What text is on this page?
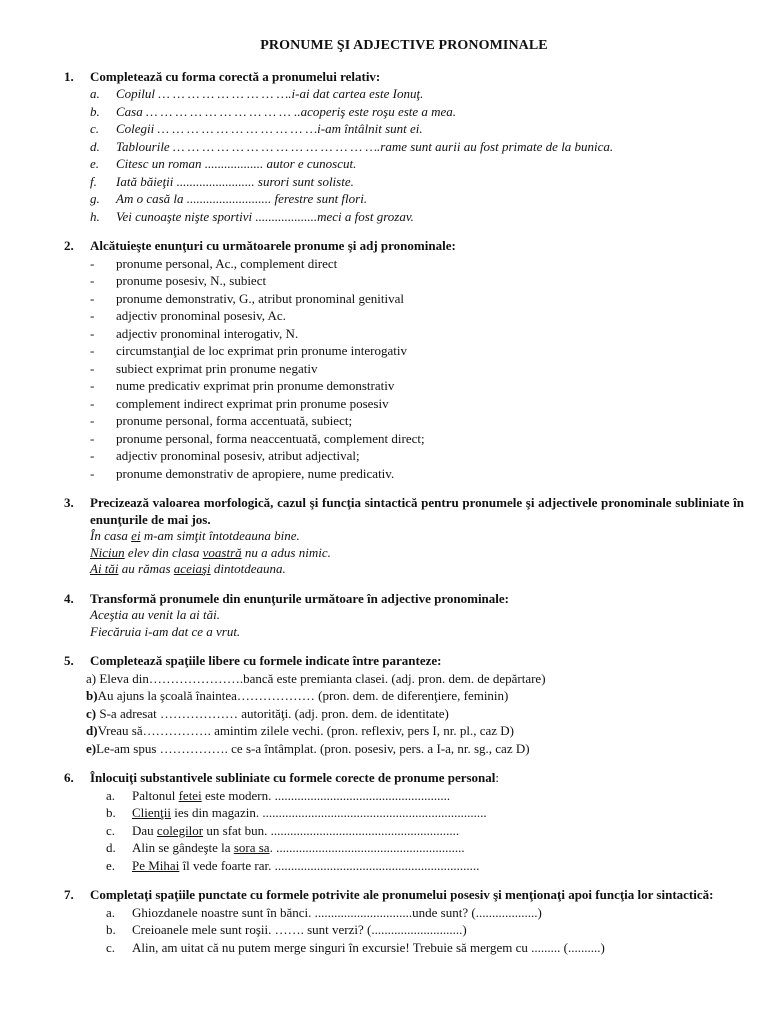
PRONUME ŞI ADJECTIVE PRONOMINALE
1.	Completează cu forma corectă a pronumelui relativ:
a.	Copilul … … … … … … … … ….i-ai dat cartea este Ionuţ.
b.	Casa … … … … … … … … … … ..acoperiş este roşu este a mea.
c.	Colegii … … … … … … … … … … …i-am întâlnit sunt ei.
d.	Tablourile … … … … … … … … … … … … … ….rame sunt aurii au fost primate de la bunica.
e.	Citesc un roman .................. autor e cunoscut.
f.	Iată băieţii ........................ surori sunt soliste.
g.	Am o casă la .......................... ferestre sunt flori.
h.	Vei cunoaşte nişte sportivi ...................meci a fost grozav.
2.	Alcătuieşte enunţuri cu următoarele pronume şi adj pronominale:
-	pronume personal, Ac., complement direct
-	pronume posesiv, N., subiect
-	pronume demonstrativ, G., atribut pronominal genitival
-	adjectiv pronominal posesiv, Ac.
-	adjectiv pronominal interogativ, N.
-	circumstanţial de loc exprimat prin pronume interogativ
-	subiect exprimat prin pronume negativ
-	nume predicativ exprimat prin pronume demonstrativ
-	complement indirect exprimat prin pronume posesiv
-	pronume personal, forma accentuată, subiect;
-	pronume personal, forma neaccentuată, complement direct;
-	adjectiv pronominal posesiv, atribut adjectival;
-	pronume demonstrativ de apropiere, nume predicativ.
3.	Precizează valoarea morfologică, cazul şi funcţia sintactică pentru pronumele şi adjectivele pronominale subliniate în enunţurile de mai jos.
În casa ei m-am simţit întotdeauna bine.
Niciun elev din clasa voastră nu a adus nimic.
Ai tăi au rămas aceiaşi dintotdeauna.
4.	Transformă pronumele din enunţurile următoare în adjective pronominale:
Aceştia au venit la ai tăi.
Fiecăruia i-am dat ce a vrut.
5.	Completează spaţiile libere cu formele indicate între paranteze:
a) Eleva din………………….bancă este premianta clasei. (adj. pron. dem. de depărtare)
b)Au ajuns la şcoală înaintea……………… (pron. dem. de diferenţiere, feminin)
c) S-a adresat ……………… autorităţi. (adj. pron. dem. de identitate)
d)Vreau să……………. amintim zilele vechi. (pron. reflexiv, pers I, nr. pl., caz D)
e)Le-am spus ……………. ce s-a întâmplat. (pron. posesiv, pers. a I-a, nr. sg., caz D)
6.	Înlocuiţi substantivele subliniate cu formele corecte de pronume personal:
a.	Paltonul fetei este modern. ......................................................
b.	Clienţii ies din magazin. .....................................................................
c.	Dau colegilor un sfat bun. ..........................................................
d.	Alin se gândeşte la sora sa. ..........................................................
e.	Pe Mihai îl vede foarte rar. ...............................................................
7.	Completaţi spaţiile punctate cu formele potrivite ale pronumelui posesiv şi menţionaţi apoi funcţia lor sintactică:
a.	Ghiozdanele noastre sunt în bănci. ..............................unde sunt? (...................)
b.	Creioanele mele sunt roşii. ……. sunt verzi? (............................)
c.	Alin, am uitat că nu putem merge singuri în excursie! Trebuie să mergem cu ......... (..........)
